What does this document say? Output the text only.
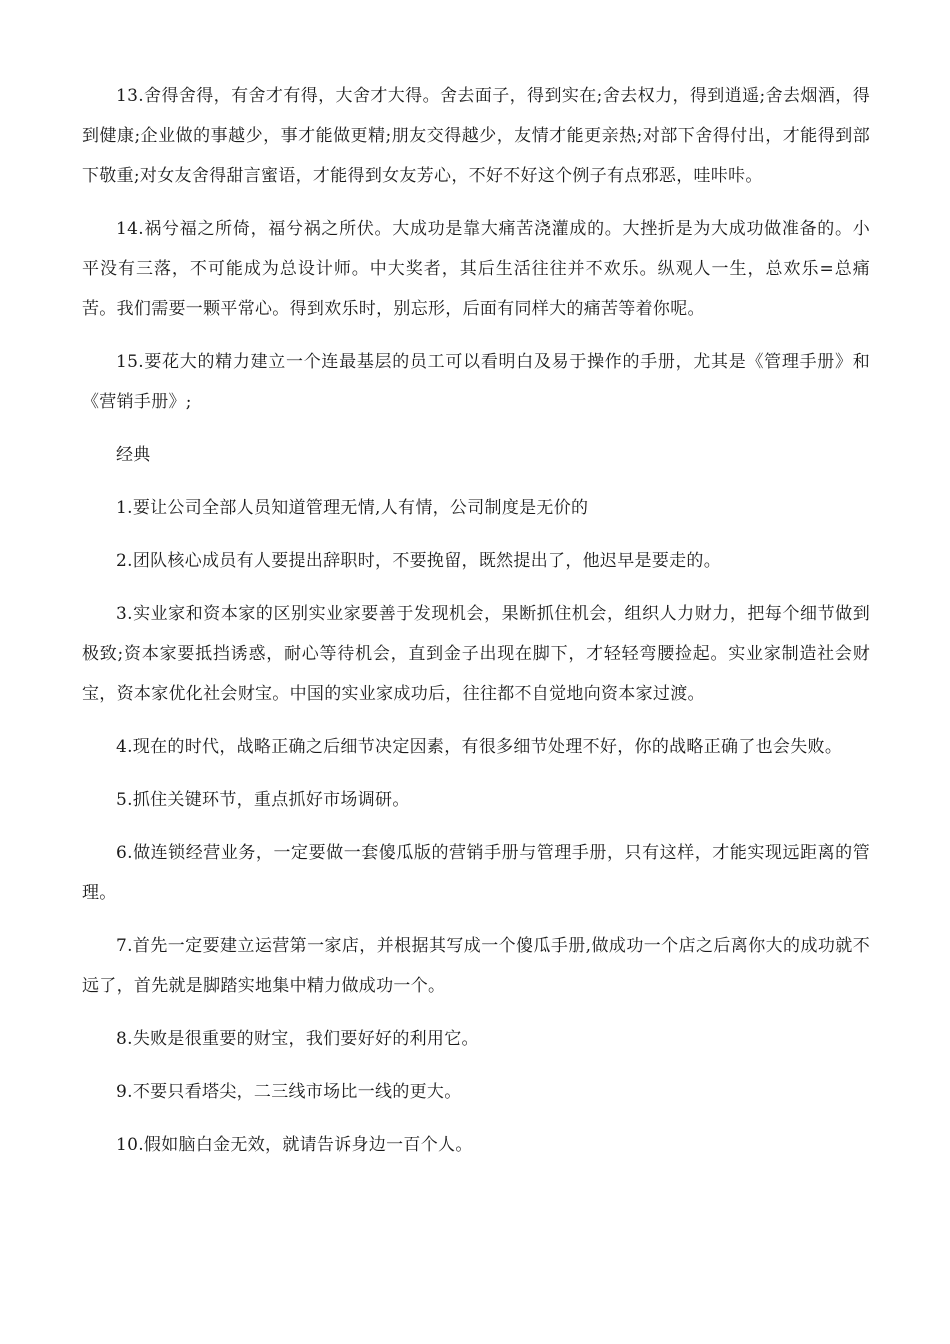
13.舍得舍得，有舍才有得，大舍才大得。舍去面子，得到实在;舍去权力，得到逍遥;舍去烟酒，得到健康;企业做的事越少，事才能做更精;朋友交得越少，友情才能更亲热;对部下舍得付出，才能得到部下敬重;对女友舍得甜言蜜语，才能得到女友芳心，不好不好这个例子有点邪恶，哇咔咔。

14.祸兮福之所倚，福兮祸之所伏。大成功是靠大痛苦浇灌成的。大挫折是为大成功做准备的。小平没有三落，不可能成为总设计师。中大奖者，其后生活往往并不欢乐。纵观人一生，总欢乐=总痛苦。我们需要一颗平常心。得到欢乐时，别忘形，后面有同样大的痛苦等着你呢。

15.要花大的精力建立一个连最基层的员工可以看明白及易于操作的手册，尤其是《管理手册》和《营销手册》;

经典

1.要让公司全部人员知道管理无情,人有情，公司制度是无价的

2.团队核心成员有人要提出辞职时，不要挽留，既然提出了，他迟早是要走的。

3.实业家和资本家的区别实业家要善于发现机会，果断抓住机会，组织人力财力，把每个细节做到极致;资本家要抵挡诱惑，耐心等待机会，直到金子出现在脚下，才轻轻弯腰捡起。实业家制造社会财宝，资本家优化社会财宝。中国的实业家成功后，往往都不自觉地向资本家过渡。

4.现在的时代，战略正确之后细节决定因素，有很多细节处理不好，你的战略正确了也会失败。

5.抓住关键环节，重点抓好市场调研。

6.做连锁经营业务，一定要做一套傻瓜版的营销手册与管理手册，只有这样，才能实现远距离的管理。

7.首先一定要建立运营第一家店，并根据其写成一个傻瓜手册,做成功一个店之后离你大的成功就不远了，首先就是脚踏实地集中精力做成功一个。

8.失败是很重要的财宝，我们要好好的利用它。

9.不要只看塔尖，二三线市场比一线的更大。

10.假如脑白金无效，就请告诉身边一百个人。
